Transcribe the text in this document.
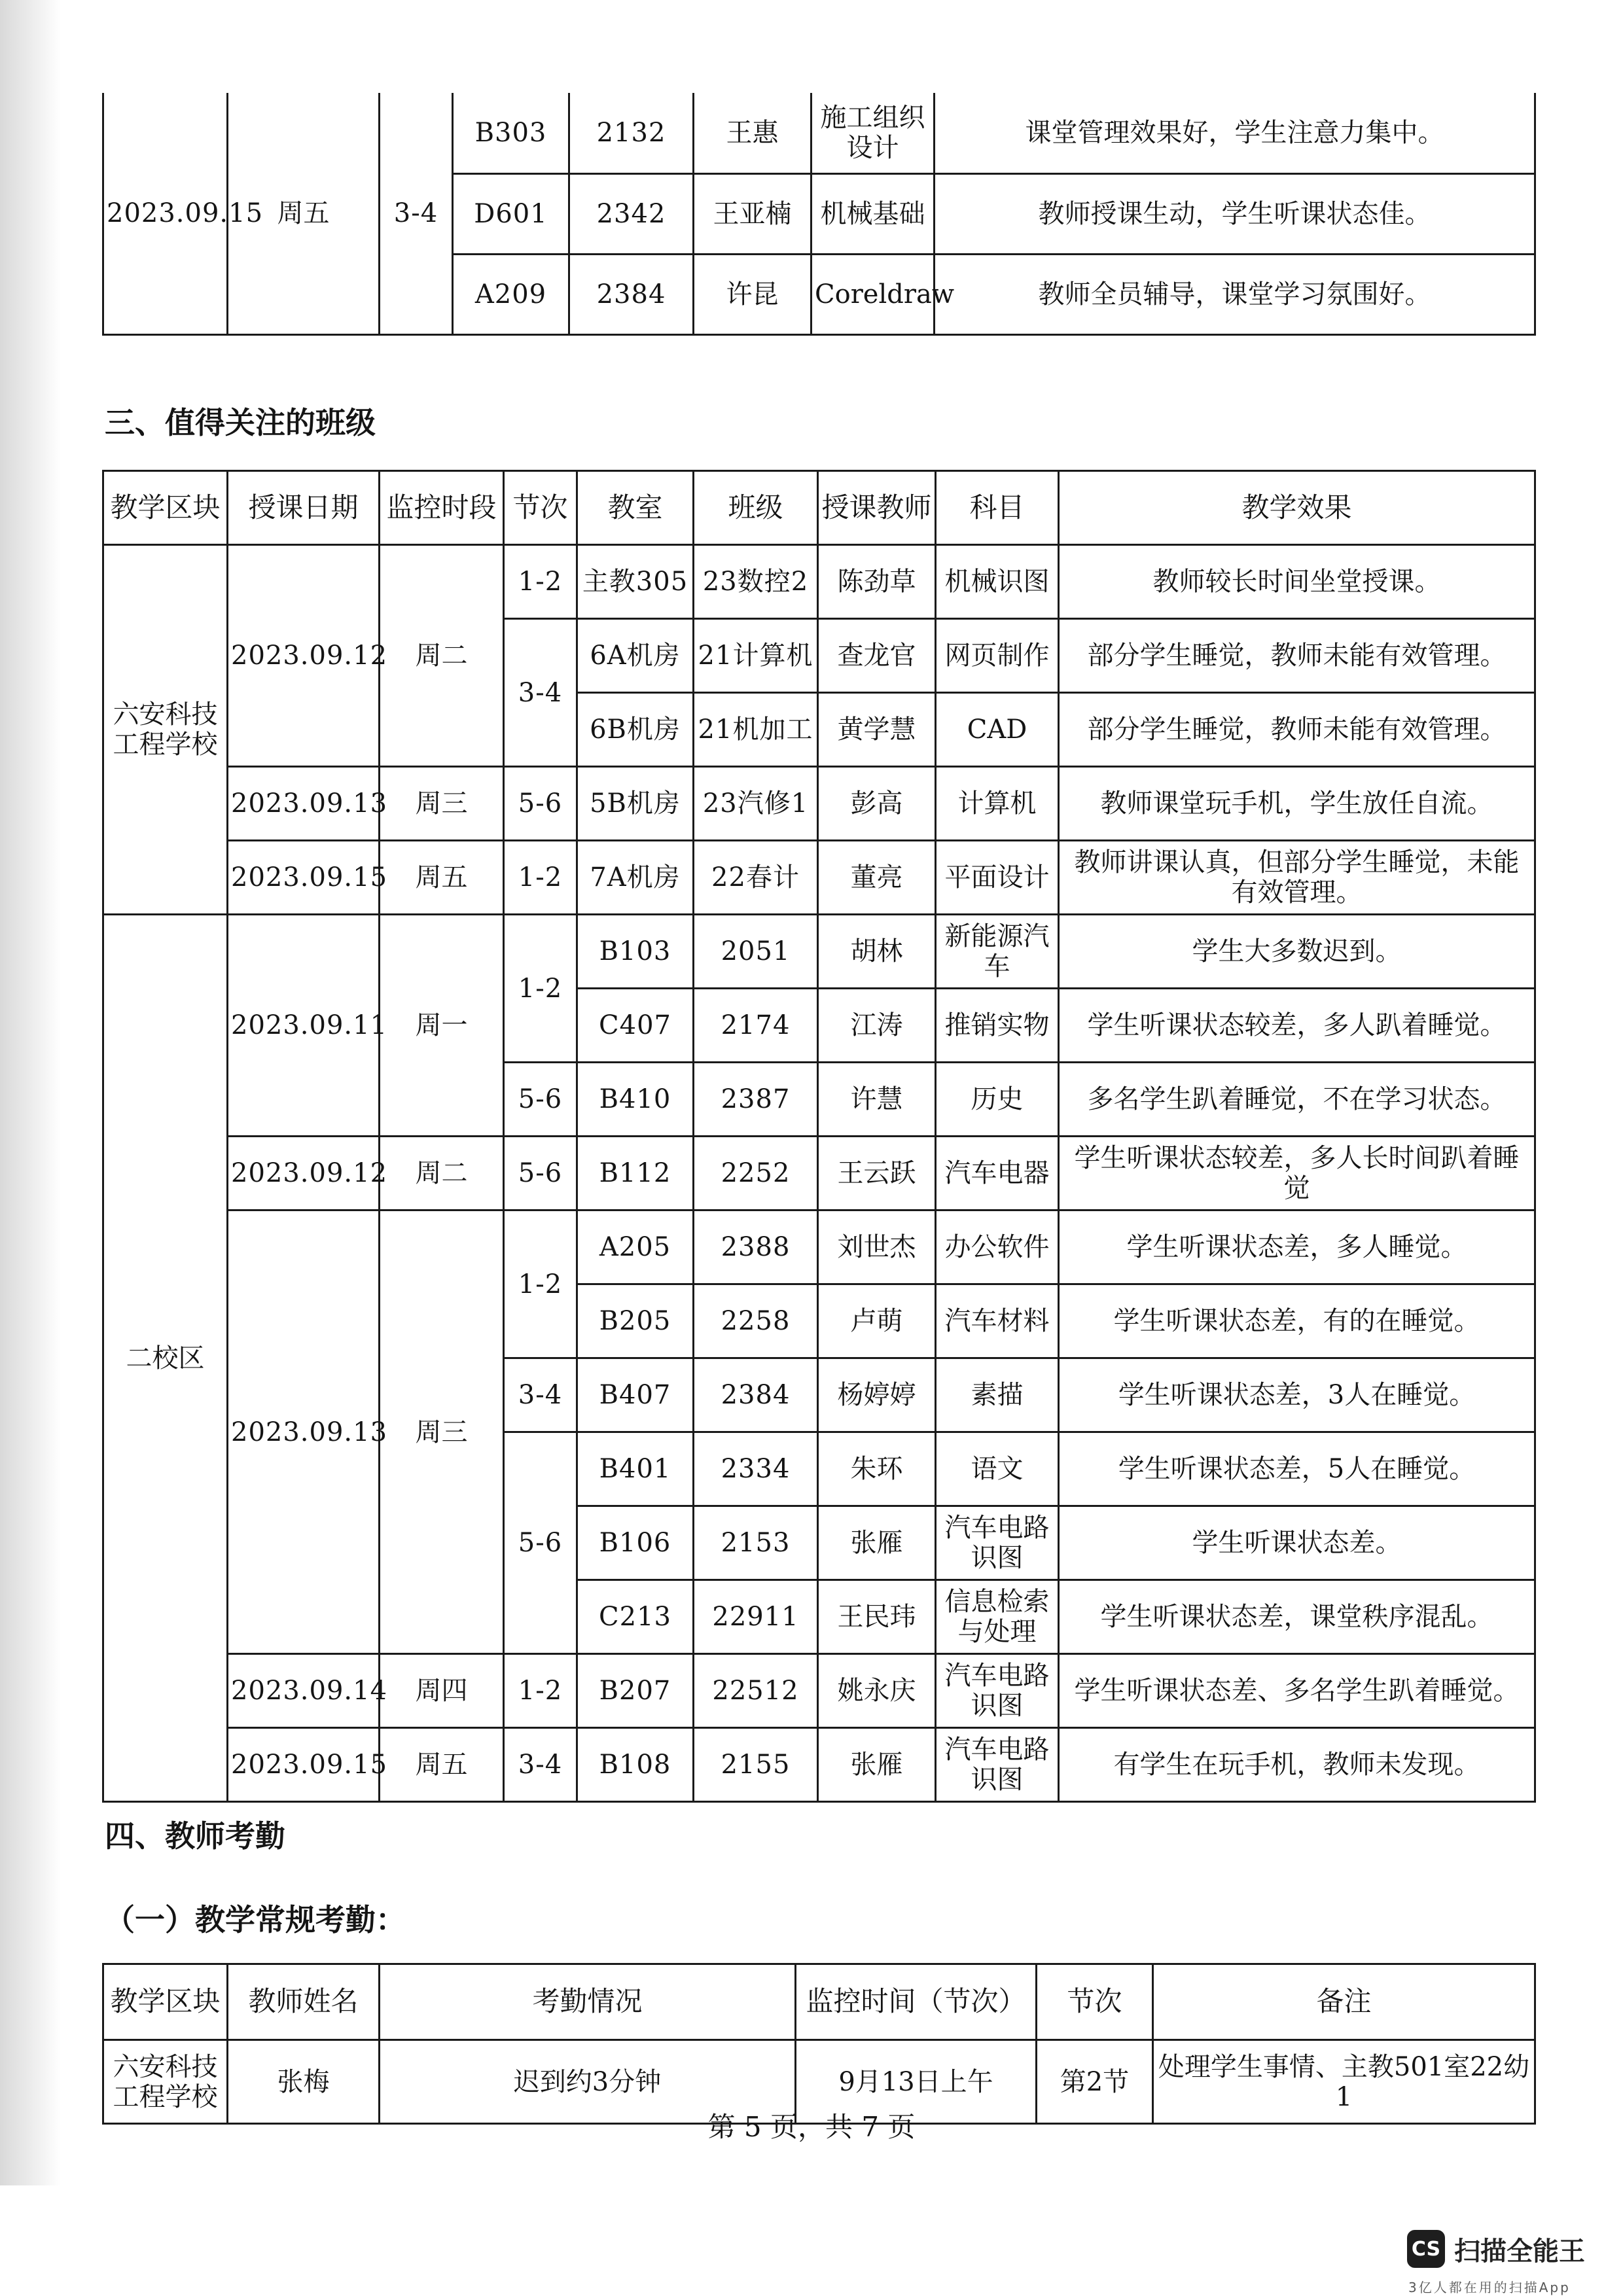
2023.09.15	周五	3-4	B303	2132	王惠	施工组织设计	课堂管理效果好，学生注意力集中。
			D601	2342	王亚楠	机械基础	教师授课生动，学生听课状态佳。
			A209	2384	许昆	Coreldraw	教师全员辅导，课堂学习氛围好。
三、值得关注的班级
教学区块	授课日期	监控时段	节次	教室	班级	授课教师	科目	教学效果
六安科技工程学校	2023.09.12	周二	1-2	主教305	23数控2	陈劲草	机械识图	教师较长时间坐堂授课。
			3-4	6A机房	21计算机	查龙官	网页制作	部分学生睡觉，教师未能有效管理。
				6B机房	21机加工	黄学慧	CAD	部分学生睡觉，教师未能有效管理。
	2023.09.13	周三	5-6	5B机房	23汽修1	彭高	计算机	教师课堂玩手机，学生放任自流。
	2023.09.15	周五	1-2	7A机房	22春计	董亮	平面设计	教师讲课认真，但部分学生睡觉，未能有效管理。
二校区	2023.09.11	周一	1-2	B103	2051	胡林	新能源汽车	学生大多数迟到。
				C407	2174	江涛	推销实物	学生听课状态较差，多人趴着睡觉。
			5-6	B410	2387	许慧	历史	多名学生趴着睡觉，不在学习状态。
	2023.09.12	周二	5-6	B112	2252	王云跃	汽车电器	学生听课状态较差，多人长时间趴着睡觉
	2023.09.13	周三	1-2	A205	2388	刘世杰	办公软件	学生听课状态差，多人睡觉。
				B205	2258	卢萌	汽车材料	学生听课状态差，有的在睡觉。
			3-4	B407	2384	杨婷婷	素描	学生听课状态差，3人在睡觉。
			5-6	B401	2334	朱环	语文	学生听课状态差，5人在睡觉。
				B106	2153	张雁	汽车电路识图	学生听课状态差。
				C213	22911	王民玮	信息检索与处理	学生听课状态差，课堂秩序混乱。
	2023.09.14	周四	1-2	B207	22512	姚永庆	汽车电路识图	学生听课状态差、多名学生趴着睡觉。
	2023.09.15	周五	3-4	B108	2155	张雁	汽车电路识图	有学生在玩手机，教师未发现。
四、教师考勤
（一）教学常规考勤：
教学区块	教师姓名	考勤情况	监控时间（节次）	节次	备注
六安科技工程学校	张梅	迟到约3分钟	9月13日上午	第2节	处理学生事情、主教501室22幼1
第 5 页，共 7 页
CS 扫描全能王
3亿人都在用的扫描App
